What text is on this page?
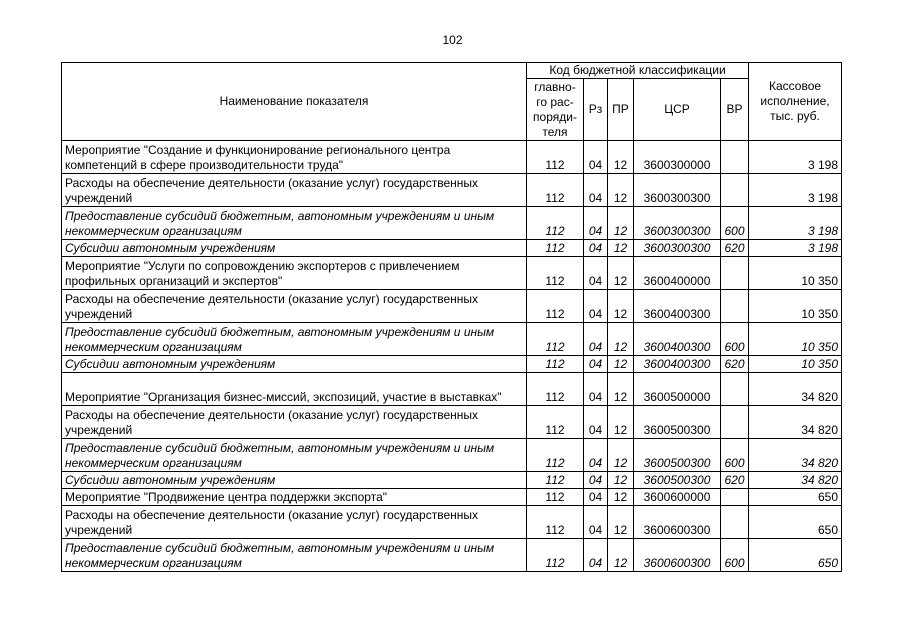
102
Наименование показателя	Код бюджетной классификации					Кассовое исполнение, тыс. руб.
	главно-го рас-поряди-теля	Рз	ПР	ЦСР	ВР	
Мероприятие "Создание и функционирование регионального центра компетенций в сфере производительности труда"	112	04	12	3600300000		3 198
Расходы на обеспечение деятельности (оказание услуг) государственных учреждений	112	04	12	3600300300		3 198
Предоставление субсидий бюджетным, автономным учреждениям и иным некоммерческим организациям	112	04	12	3600300300	600	3 198
Субсидии автономным учреждениям	112	04	12	3600300300	620	3 198
Мероприятие "Услуги по сопровождению экспортеров с привлечением профильных организаций и экспертов"	112	04	12	3600400000		10 350
Расходы на обеспечение деятельности (оказание услуг) государственных учреждений	112	04	12	3600400300		10 350
Предоставление субсидий бюджетным, автономным учреждениям и иным некоммерческим организациям	112	04	12	3600400300	600	10 350
Субсидии автономным учреждениям	112	04	12	3600400300	620	10 350
Мероприятие "Организация бизнес-миссий, экспозиций, участие в выставках"	112	04	12	3600500000		34 820
Расходы на обеспечение деятельности (оказание услуг) государственных учреждений	112	04	12	3600500300		34 820
Предоставление субсидий бюджетным, автономным учреждениям и иным некоммерческим организациям	112	04	12	3600500300	600	34 820
Субсидии автономным учреждениям	112	04	12	3600500300	620	34 820
Мероприятие "Продвижение центра поддержки экспорта"	112	04	12	3600600000		650
Расходы на обеспечение деятельности (оказание услуг) государственных учреждений	112	04	12	3600600300		650
Предоставление субсидий бюджетным, автономным учреждениям и иным некоммерческим организациям	112	04	12	3600600300	600	650
